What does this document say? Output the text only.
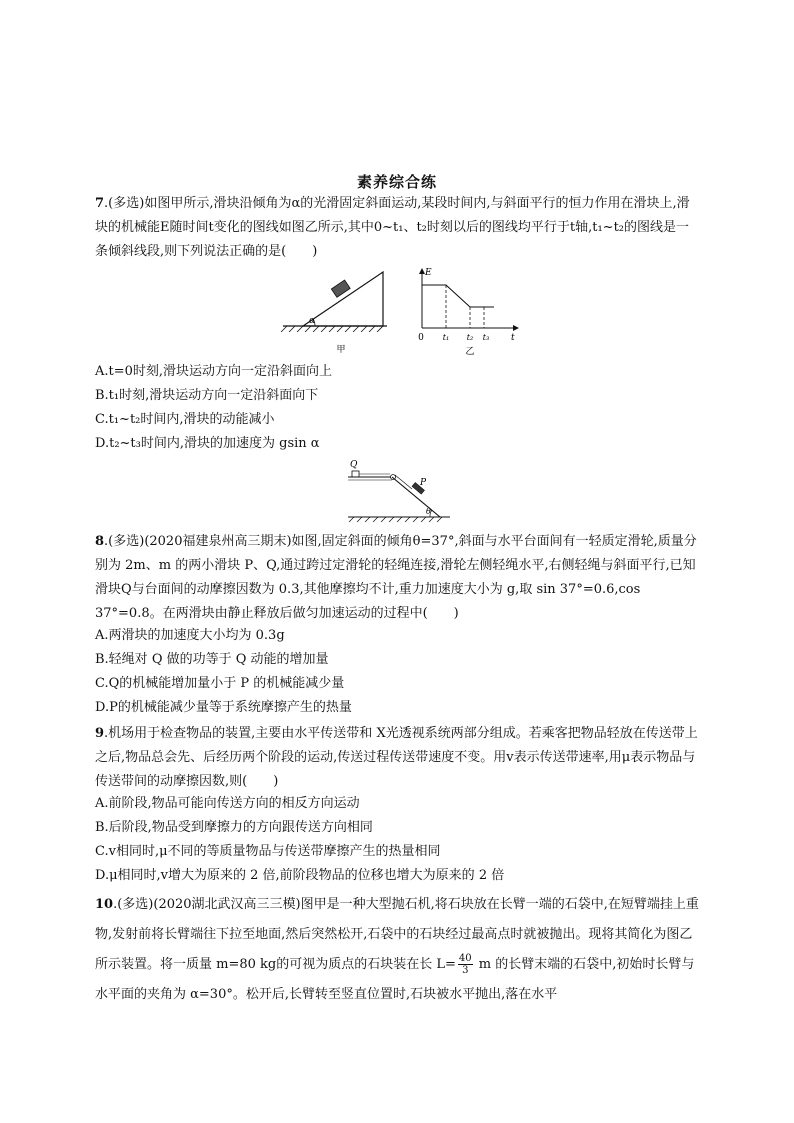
素养综合练
7.(多选)如图甲所示,滑块沿倾角为α的光滑固定斜面运动,某段时间内,与斜面平行的恒力作用在滑块上,滑块的机械能E随时间t变化的图线如图乙所示,其中0~t₁、t₂时刻以后的图线均平行于t轴,t₁~t₂的图线是一条倾斜线段,则下列说法正确的是(　　)
α
甲
E
t
0 t₁ t₂ t₃
乙
A.t=0时刻,滑块运动方向一定沿斜面向上
B.t₁时刻,滑块运动方向一定沿斜面向下
C.t₁~t₂时间内,滑块的动能减小
D.t₂~t₃时间内,滑块的加速度为 gsin α
Q
P
θ
8.(多选)(2020福建泉州高三期末)如图,固定斜面的倾角θ=37°,斜面与水平台面间有一轻质定滑轮,质量分别为 2m、m 的两小滑块 P、Q,通过跨过定滑轮的轻绳连接,滑轮左侧轻绳水平,右侧轻绳与斜面平行,已知滑块Q与台面间的动摩擦因数为 0.3,其他摩擦均不计,重力加速度大小为 g,取 sin 37°=0.6,cos 37°=0.8。在两滑块由静止释放后做匀加速运动的过程中(　　)
A.两滑块的加速度大小均为 0.3g
B.轻绳对 Q 做的功等于 Q 动能的增加量
C.Q的机械能增加量小于 P 的机械能减少量
D.P的机械能减少量等于系统摩擦产生的热量
9.机场用于检查物品的装置,主要由水平传送带和 X光透视系统两部分组成。若乘客把物品轻放在传送带上之后,物品总会先、后经历两个阶段的运动,传送过程传送带速度不变。用v表示传送带速率,用μ表示物品与传送带间的动摩擦因数,则(　　)
A.前阶段,物品可能向传送方向的相反方向运动
B.后阶段,物品受到摩擦力的方向跟传送方向相同
C.v相同时,μ不同的等质量物品与传送带摩擦产生的热量相同
D.μ相同时,v增大为原来的 2 倍,前阶段物品的位移也增大为原来的 2 倍
10.(多选)(2020湖北武汉高三三模)图甲是一种大型抛石机,将石块放在长臂一端的石袋中,在短臂端挂上重物,发射前将长臂端往下拉至地面,然后突然松开,石袋中的石块经过最高点时就被抛出。现将其简化为图乙所示装置。将一质量 m=80 kg的可视为质点的石块装在长 $L= \frac{40}{3}$ m 的长臂末端的石袋中,初始时长臂与水平面的夹角为 α=30°。松开后,长臂转至竖直位置时,石块被水平抛出,落在水平
